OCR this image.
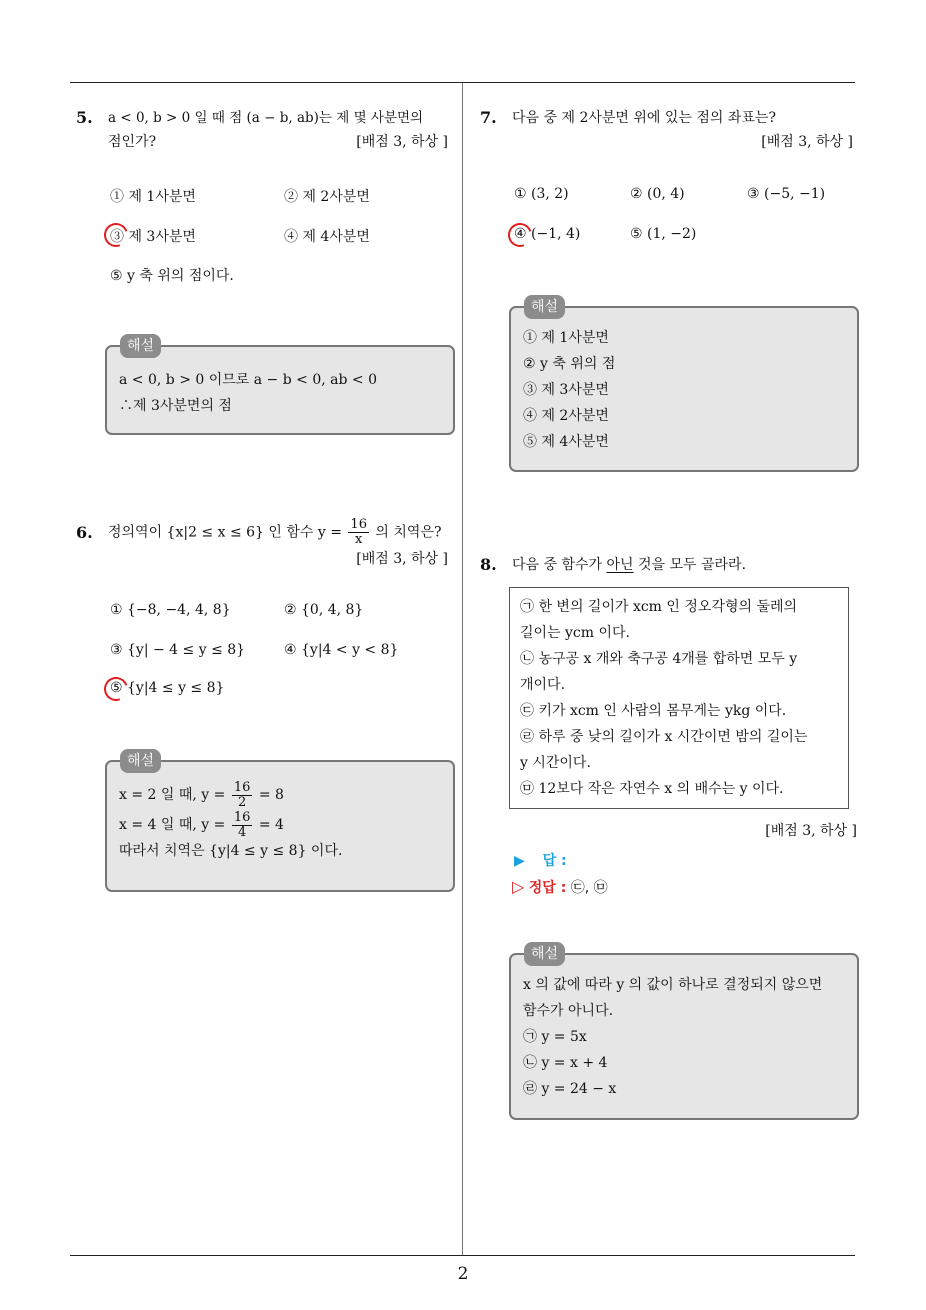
5. a < 0, b > 0 일 때 점 (a − b, ab)는 제 몇 사분면의
점인가?	[배점 3, 하상 ]
① 제 1사분면	② 제 2사분면
③ 제 3사분면	④ 제 4사분면
⑤ y 축 위의 점이다.
해설
a < 0, b > 0 이므로 a − b < 0, ab < 0
∴제 3사분면의 점
6. 정의역이 {x|2 ≤ x ≤ 6} 인 함수 $y = \frac{16}{x}$ 의 치역은?
[배점 3, 하상 ]
① {−8, −4, 4, 8}	② {0, 4, 8}
③ {y| − 4 ≤ y ≤ 8}	④ {y|4 < y < 8}
⑤ {y|4 ≤ y ≤ 8}
해설
x = 2 일 때, $y = \frac{16}{2} = 8$
x = 4 일 때, $y = \frac{16}{4} = 4$
따라서 치역은 {y|4 ≤ y ≤ 8} 이다.
7. 다음 중 제 2사분면 위에 있는 점의 좌표는?
[배점 3, 하상 ]
① (3, 2)	② (0, 4)	③ (−5, −1)
④ (−1, 4)	⑤ (1, −2)
해설
① 제 1사분면
② y 축 위의 점
③ 제 3사분면
④ 제 2사분면
⑤ 제 4사분면
8. 다음 중 함수가 아닌 것을 모두 골라라.
㉠ 한 변의 길이가 xcm 인 정오각형의 둘레의
길이는 ycm 이다.
㉡ 농구공 x 개와 축구공 4개를 합하면 모두 y
개이다.
㉢ 키가 xcm 인 사람의 몸무게는 ykg 이다.
㉣ 하루 중 낮의 길이가 x 시간이면 밤의 길이는
y 시간이다.
㉤ 12보다 작은 자연수 x 의 배수는 y 이다.
[배점 3, 하상 ]
▶ 답 :
▷ 정답 : ㉢, ㉤
해설
x 의 값에 따라 y 의 값이 하나로 결정되지 않으면
함수가 아니다.
㉠ y = 5x
㉡ y = x + 4
㉣ y = 24 − x
2
